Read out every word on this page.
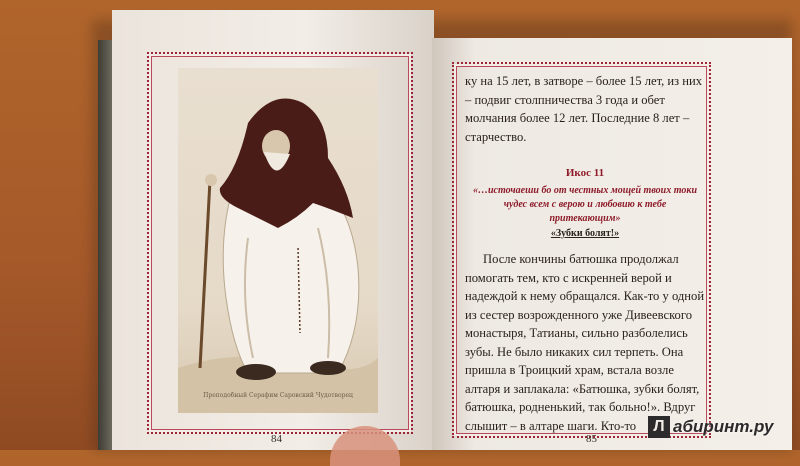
Преподобный Серафим Саровский Чудотворец
84	85
ку на 15 лет, в затворе – более 15 лет, из них – подвиг столпничества 3 года и обет молчания более 12 лет. Последние 8 лет – старчество.
Икос 11
«…источаеши бо от честных мощей твоих токи чудес всем с верою и любовию к тебе притекающим»
«Зубки болят!»
После кончины батюшка продолжал помогать тем, кто с искренней верой и надеждой к нему обращался. Как-то у одной из сестер возрожденного уже Дивеевского монастыря, Татианы, сильно разболелись зубы. Не было никаких сил терпеть. Она пришла в Троицкий храм, встала возле алтаря и заплакала: «Батюшка, зубки болят, батюшка, родненький, так больно!». Вдруг слышит – в алтаре шаги. Кто-то	Л абиринт.ру
